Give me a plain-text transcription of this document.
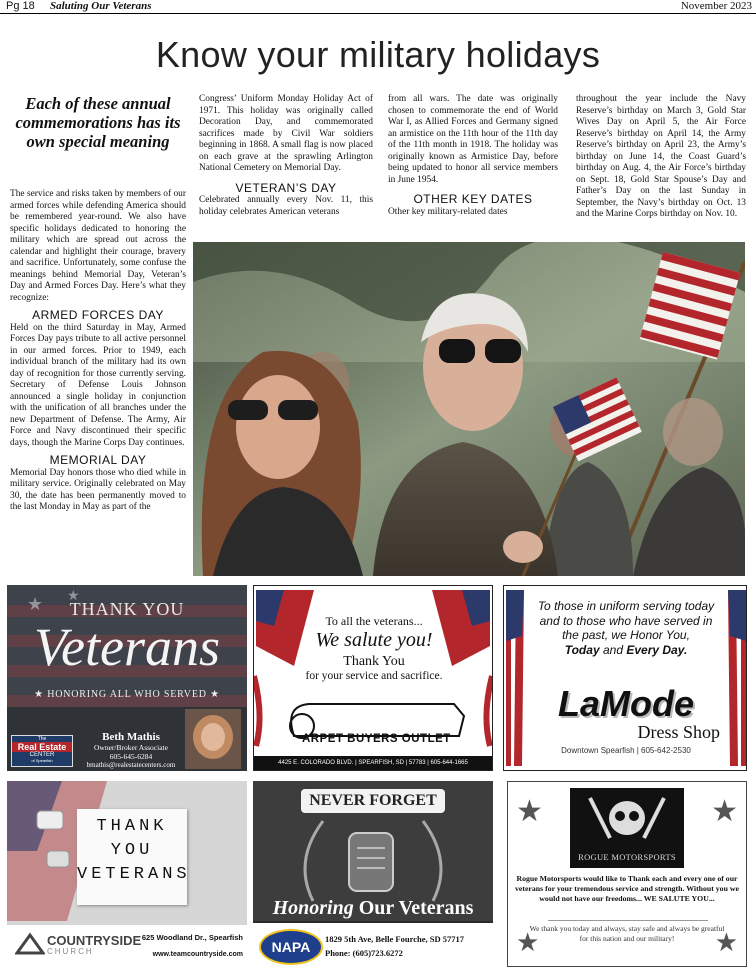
Pg 18 Saluting Our Veterans	November 2023
Know your military holidays
Each of these annual commemorations has its own special meaning

The service and risks taken by members of our armed forces while defending America should be remembered year-round. We also have specific holidays dedicated to honoring the military which are spread out across the calendar and highlight their courage, bravery and sacrifice. Unfortunately, some confuse the meanings behind Memorial Day, Veteran’s Day and Armed Forces Day. Here’s what they recognize:

ARMED FORCES DAY

Held on the third Saturday in May, Armed Forces Day pays tribute to all active personnel in our armed forces. Prior to 1949, each individual branch of the military had its own day of recognition for those currently serving. Secretary of Defense Louis Johnson announced a single holiday in conjunction with the unification of all branches under the new Department of Defense. The Army, Air Force and Navy discontinued their specific days, though the Marine Corps Day continues.

MEMORIAL DAY

Memorial Day honors those who died while in military service. Originally celebrated on May 30, the date has been permanently moved to the last Monday in May as part of the

Congress’ Uniform Monday Holiday Act of 1971. This holiday was originally called Decoration Day, and commemorated sacrifices made by Civil War soldiers beginning in 1868. A small flag is now placed on each grave at the sprawling Arlington National Cemetery on Memorial Day.

VETERAN’S DAY

Celebrated annually every Nov. 11, this holiday celebrates American veterans

from all wars. The date was originally chosen to commemorate the end of World War I, as Allied Forces and Germany signed an armistice on the 11th hour of the 11th day of the 11th month in 1918. The holiday was originally known as Armistice Day, before being updated to honor all service members in June 1954.

OTHER KEY DATES

Other key military-related dates

throughout the year include the Navy Reserve’s birthday on March 3, Gold Star Wives Day on April 5, the Air Force Reserve’s birthday on April 14, the Army Reserve’s birthday on April 23, the Army’s birthday on June 14, the Coast Guard’s birthday on Aug. 4, the Air Force’s birthday on Sept. 18, Gold Star Spouse’s Day and Father’s Day on the last Sunday in September, the Navy’s birthday on Oct. 13 and the Marine Corps birthday on Nov. 10.

★ ★
THANK YOU
Veterans
★ HONORING ALL WHO SERVED ★
The
Real Estate
CENTER
of Spearfish
Beth Mathis
Owner/Broker Associate
605-645-6284
bmathis@realestatecenters.com
To all the veterans...
We salute you!
Thank You
for your service and sacrifice.
ARPET BUYERS OUTLET
4425 E. COLORADO BLVD. | SPEARFISH, SD | 57783 | 605-644-1665
To those in uniform serving today and to those who have served in the past, we Honor You,
Today and Every Day.
LaMode
Dress Shop
Downtown Spearfish | 605-642-2530
THANK
YOU
VETERANS
COUNTRYSIDE
CHURCH
625 Woodland Dr., Spearfish
www.teamcountryside.com
NEVER FORGET
Honoring Our Veterans
NAPA	1829 5th Ave, Belle Fourche, SD 57717
Phone: (605)723.6272
★	★
★	★
ROGUE MOTORSPORTS
Rogue Motorsports would like to Thank each and every one of our veterans for your tremendous service and strength. Without you we would not have our freedoms... WE SALUTE YOU...
We thank you today and always, stay safe and always be greatful for this nation and our military!
